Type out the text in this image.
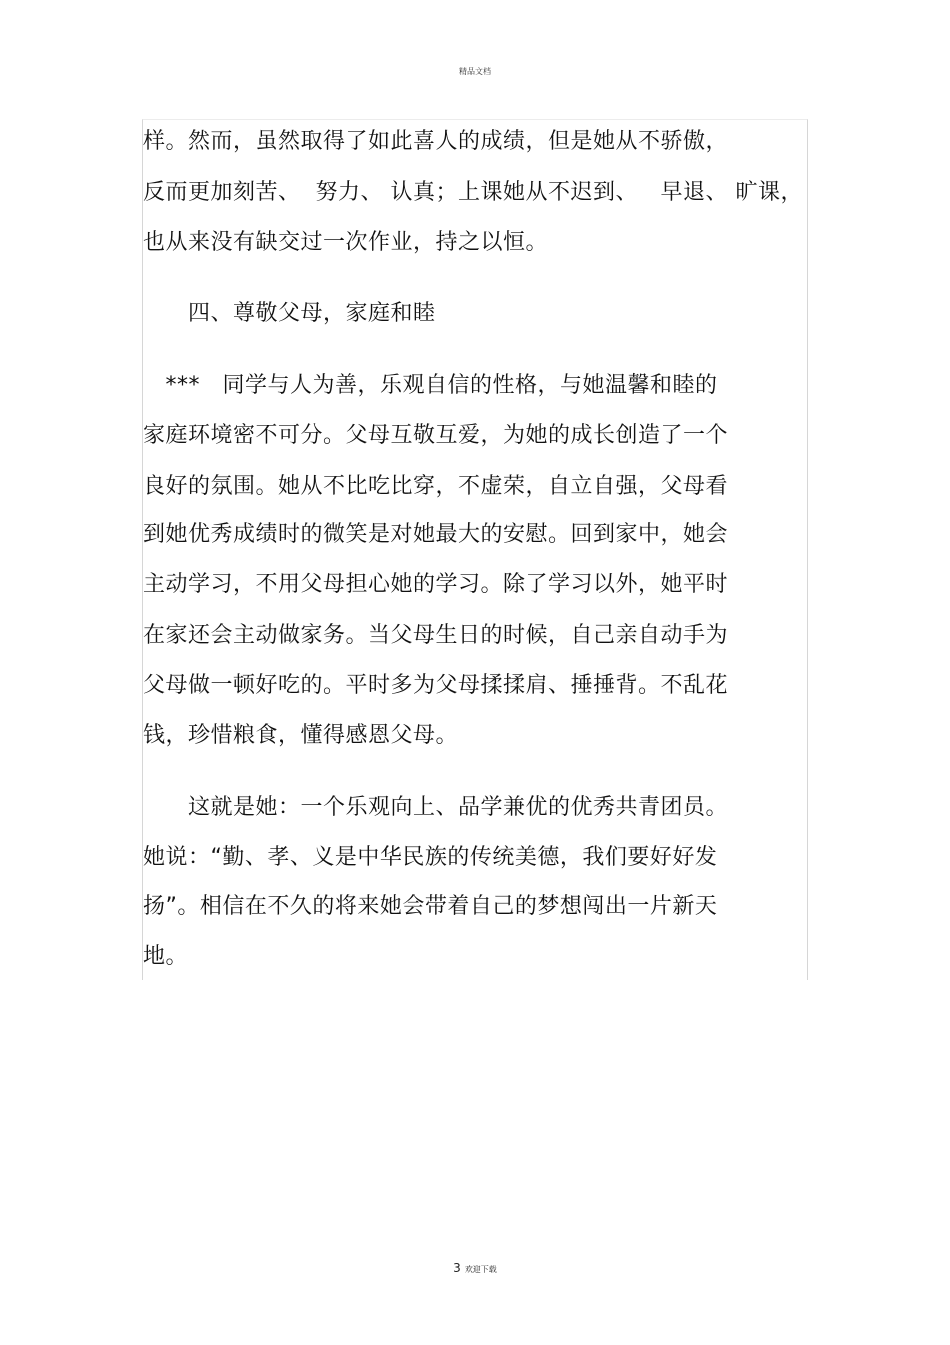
精品文档
样。然而，虽然取得了如此喜人的成绩，但是她从不骄傲，
反而更加刻苦、  努力、 认真；上课她从不迟到、   早退、 旷课，
也从来没有缺交过一次作业，持之以恒。
　　四、尊敬父母，家庭和睦
　***　同学与人为善，乐观自信的性格，与她温馨和睦的
家庭环境密不可分。父母互敬互爱，为她的成长创造了一个
良好的氛围。她从不比吃比穿，不虚荣，自立自强，父母看
到她优秀成绩时的微笑是对她最大的安慰。回到家中，她会
主动学习，不用父母担心她的学习。除了学习以外，她平时
在家还会主动做家务。当父母生日的时候，自己亲自动手为
父母做一顿好吃的。平时多为父母揉揉肩、捶捶背。不乱花
钱，珍惜粮食，懂得感恩父母。
　　这就是她：一个乐观向上、品学兼优的优秀共青团员。
她说：“勤、孝、义是中华民族的传统美德，我们要好好发
扬”。相信在不久的将来她会带着自己的梦想闯出一片新天
地。
3 欢迎下载
